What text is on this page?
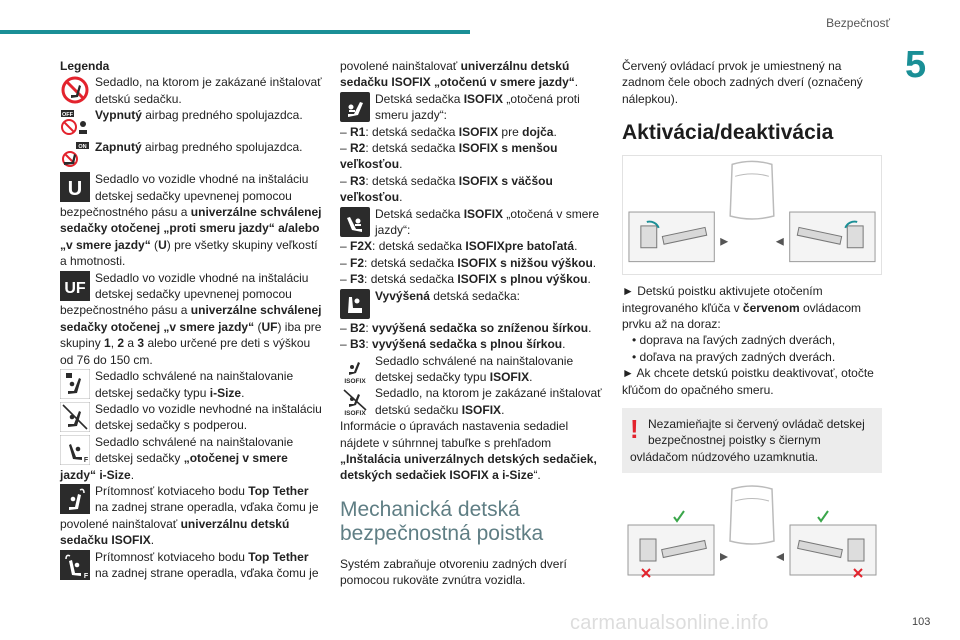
Bezpečnosť
5
103
carmanualsonline.info
Legenda
Sedadlo, na ktorom je zakázané inštalovať detskú sedačku.
OFF Vypnutý airbag predného spolujazdca.
ON Zapnutý airbag predného spolujazdca.
U Sedadlo vo vozidle vhodné na inštaláciu detskej sedačky upevnenej pomocou bezpečnostného pásu a univerzálne schválenej sedačky otočenej „proti smeru jazdy“ a/alebo „v smere jazdy“ (U) pre všetky skupiny veľkostí a hmotnosti.
UF
Sedadlo vo vozidle vhodné na inštaláciu detskej sedačky upevnenej pomocou bezpečnostného pásu a univerzálne schválenej sedačky otočenej „v smere jazdy“ (UF) iba pre skupiny 1, 2 a 3 alebo určené pre deti s výškou od 76 do 150 cm.
Sedadlo schválené na nainštalovanie detskej sedačky typu i-Size.
Sedadlo vo vozidle nevhodné na inštaláciu detskej sedačky s podperou.
F
Sedadlo schválené na nainštalovanie detskej sedačky „otočenej v smere jazdy“ i-Size.
Prítomnosť kotviaceho bodu Top Tether na zadnej strane operadla, vďaka čomu je povolené nainštalovať univerzálnu detskú sedačku ISOFIX.
F
Prítomnosť kotviaceho bodu Top Tether na zadnej strane operadla, vďaka čomu je
povolené nainštalovať univerzálnu detskú sedačku ISOFIX „otočenú v smere jazdy“.
Detská sedačka ISOFIX „otočená proti smeru jazdy“:
– R1: detská sedačka ISOFIX pre dojča.
– R2: detská sedačka ISOFIX s menšou veľkosťou.
– R3: detská sedačka ISOFIX s väčšou veľkosťou.
Detská sedačka ISOFIX „otočená v smere jazdy“:
– F2X: detská sedačka ISOFIXpre batoľatá.
– F2: detská sedačka ISOFIX s nižšou výškou.
– F3: detská sedačka ISOFIX s plnou výškou.
Vyvýšená detská sedačka:
– B2: vyvýšená sedačka so zníženou šírkou.
– B3: vyvýšená sedačka s plnou šírkou.
ISOFIX
Sedadlo schválené na nainštalovanie detskej sedačky typu ISOFIX.
ISOFIX
Sedadlo, na ktorom je zakázané inštalovať detskú sedačku ISOFIX.
Informácie o úpravách nastavenia sedadiel nájdete v súhrnnej tabuľke s prehľadom „Inštalácia univerzálnych detských sedačiek, detských sedačiek ISOFIX a i-Size“.
Mechanická detská bezpečnostná poistka
Systém zabraňuje otvoreniu zadných dverí pomocou rukoväte zvnútra vozidla.
Červený ovládací prvok je umiestnený na zadnom čele oboch zadných dverí (označený nálepkou).
Aktivácia/deaktivácia
► Detskú poistku aktivujete otočením integrovaného kľúča v červenom ovládacom prvku až na doraz:
• doprava na ľavých zadných dverách,
• doľava na pravých zadných dverách.
► Ak chcete detskú poistku deaktivovať, otočte kľúčom do opačného smeru.
! Nezamieňajte si červený ovládač detskej bezpečnostnej poistky s čiernym ovládačom núdzového uzamknutia.
